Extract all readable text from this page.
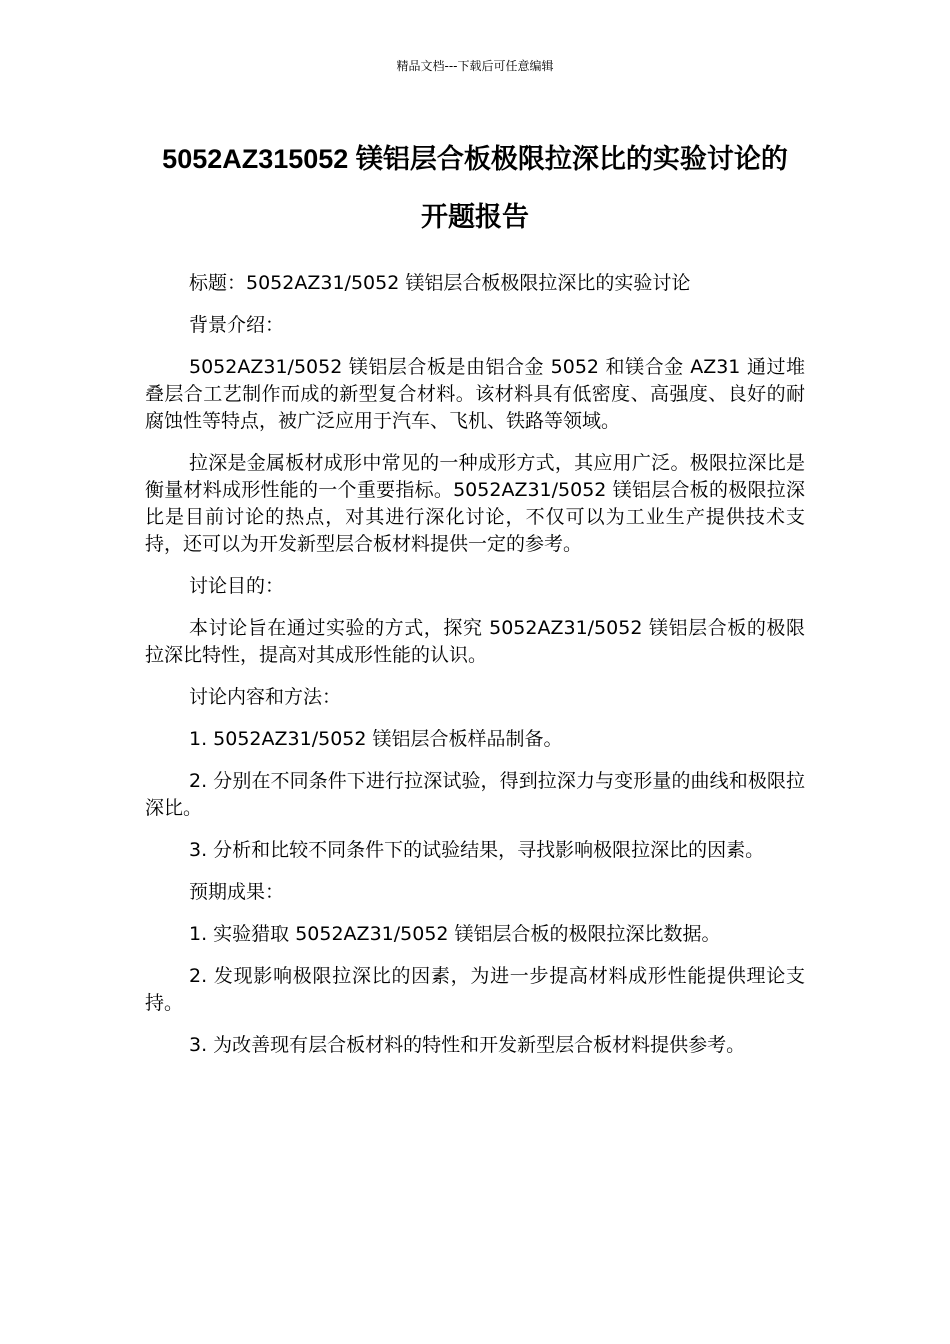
精品文档---下载后可任意编辑
5052AZ315052 镁铝层合板极限拉深比的实验讨论的
开题报告

标题：5052AZ31/5052 镁铝层合板极限拉深比的实验讨论

背景介绍：

5052AZ31/5052 镁铝层合板是由铝合金 5052 和镁合金 AZ31 通过堆叠层合工艺制作而成的新型复合材料。该材料具有低密度、高强度、良好的耐腐蚀性等特点，被广泛应用于汽车、飞机、铁路等领域。

拉深是金属板材成形中常见的一种成形方式，其应用广泛。极限拉深比是衡量材料成形性能的一个重要指标。5052AZ31/5052 镁铝层合板的极限拉深比是目前讨论的热点，对其进行深化讨论，不仅可以为工业生产提供技术支持，还可以为开发新型层合板材料提供一定的参考。

讨论目的：

本讨论旨在通过实验的方式，探究 5052AZ31/5052 镁铝层合板的极限拉深比特性，提高对其成形性能的认识。

讨论内容和方法：

1. 5052AZ31/5052 镁铝层合板样品制备。

2. 分别在不同条件下进行拉深试验，得到拉深力与变形量的曲线和极限拉深比。

3. 分析和比较不同条件下的试验结果，寻找影响极限拉深比的因素。

预期成果：

1. 实验猎取 5052AZ31/5052 镁铝层合板的极限拉深比数据。

2. 发现影响极限拉深比的因素，为进一步提高材料成形性能提供理论支持。

3. 为改善现有层合板材料的特性和开发新型层合板材料提供参考。
